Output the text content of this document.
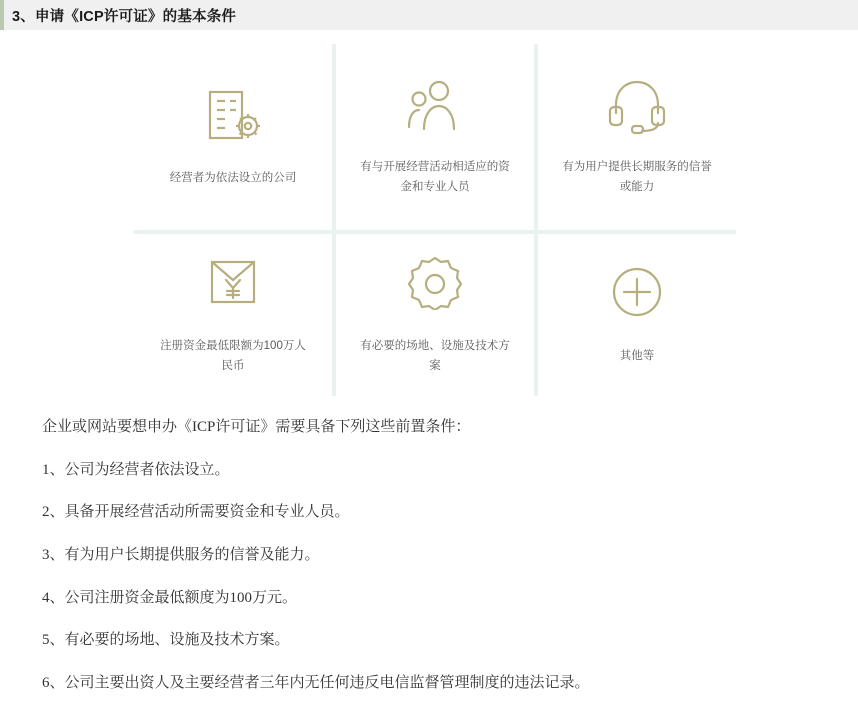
3、申请《ICP许可证》的基本条件
经营者为依法设立的公司
有与开展经营活动相适应的资金和专业人员
有为用户提供长期服务的信誉或能力
注册资金最低限额为100万人民币
有必要的场地、设施及技术方案
其他等

企业或网站要想申办《ICP许可证》需要具备下列这些前置条件：

1、公司为经营者依法设立。

2、具备开展经营活动所需要资金和专业人员。

3、有为用户长期提供服务的信誉及能力。

4、公司注册资金最低额度为100万元。

5、有必要的场地、设施及技术方案。

6、公司主要出资人及主要经营者三年内无任何违反电信监督管理制度的违法记录。
